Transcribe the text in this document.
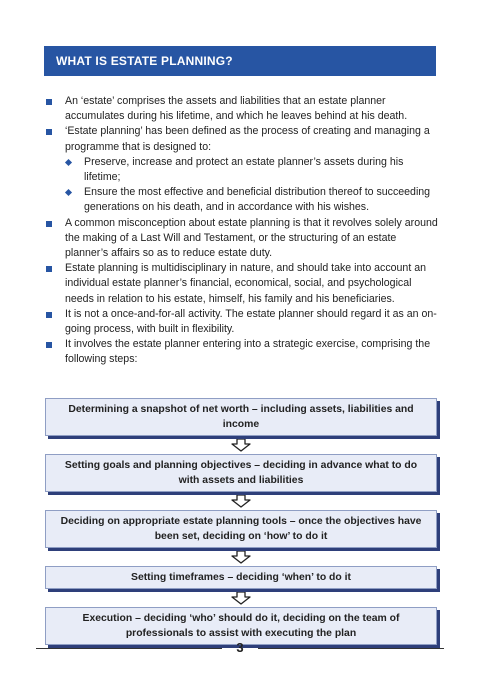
WHAT IS ESTATE PLANNING?

An ‘estate’ comprises the assets and liabilities that an estate planner accumulates during his lifetime, and which he leaves behind at his death.

‘Estate planning’ has been defined as the process of creating and managing a programme that is designed to:

Preserve, increase and protect an estate planner’s assets during his lifetime;

Ensure the most effective and beneficial distribution thereof to succeeding generations on his death, and in accordance with his wishes.

A common misconception about estate planning is that it revolves solely around the making of a Last Will and Testament, or the structuring of an estate planner’s affairs so as to reduce estate duty.

Estate planning is multidisciplinary in nature, and should take into account an individual estate planner’s financial, economical, social, and psychological needs in relation to his estate, himself, his family and his beneficiaries.

It is not a once-and-for-all activity. The estate planner should regard it as an on-going process, with built in flexibility.

It involves the estate planner entering into a strategic exercise, comprising the following steps:

Determining a snapshot of net worth – including assets, liabilities and income
Setting goals and planning objectives – deciding in advance what to do with assets and liabilities
Deciding on appropriate estate planning tools – once the objectives have been set, deciding on ‘how’ to do it
Setting timeframes – deciding ‘when’ to do it
Execution – deciding ‘who’ should do it, deciding on the team of professionals to assist with executing the plan
3
